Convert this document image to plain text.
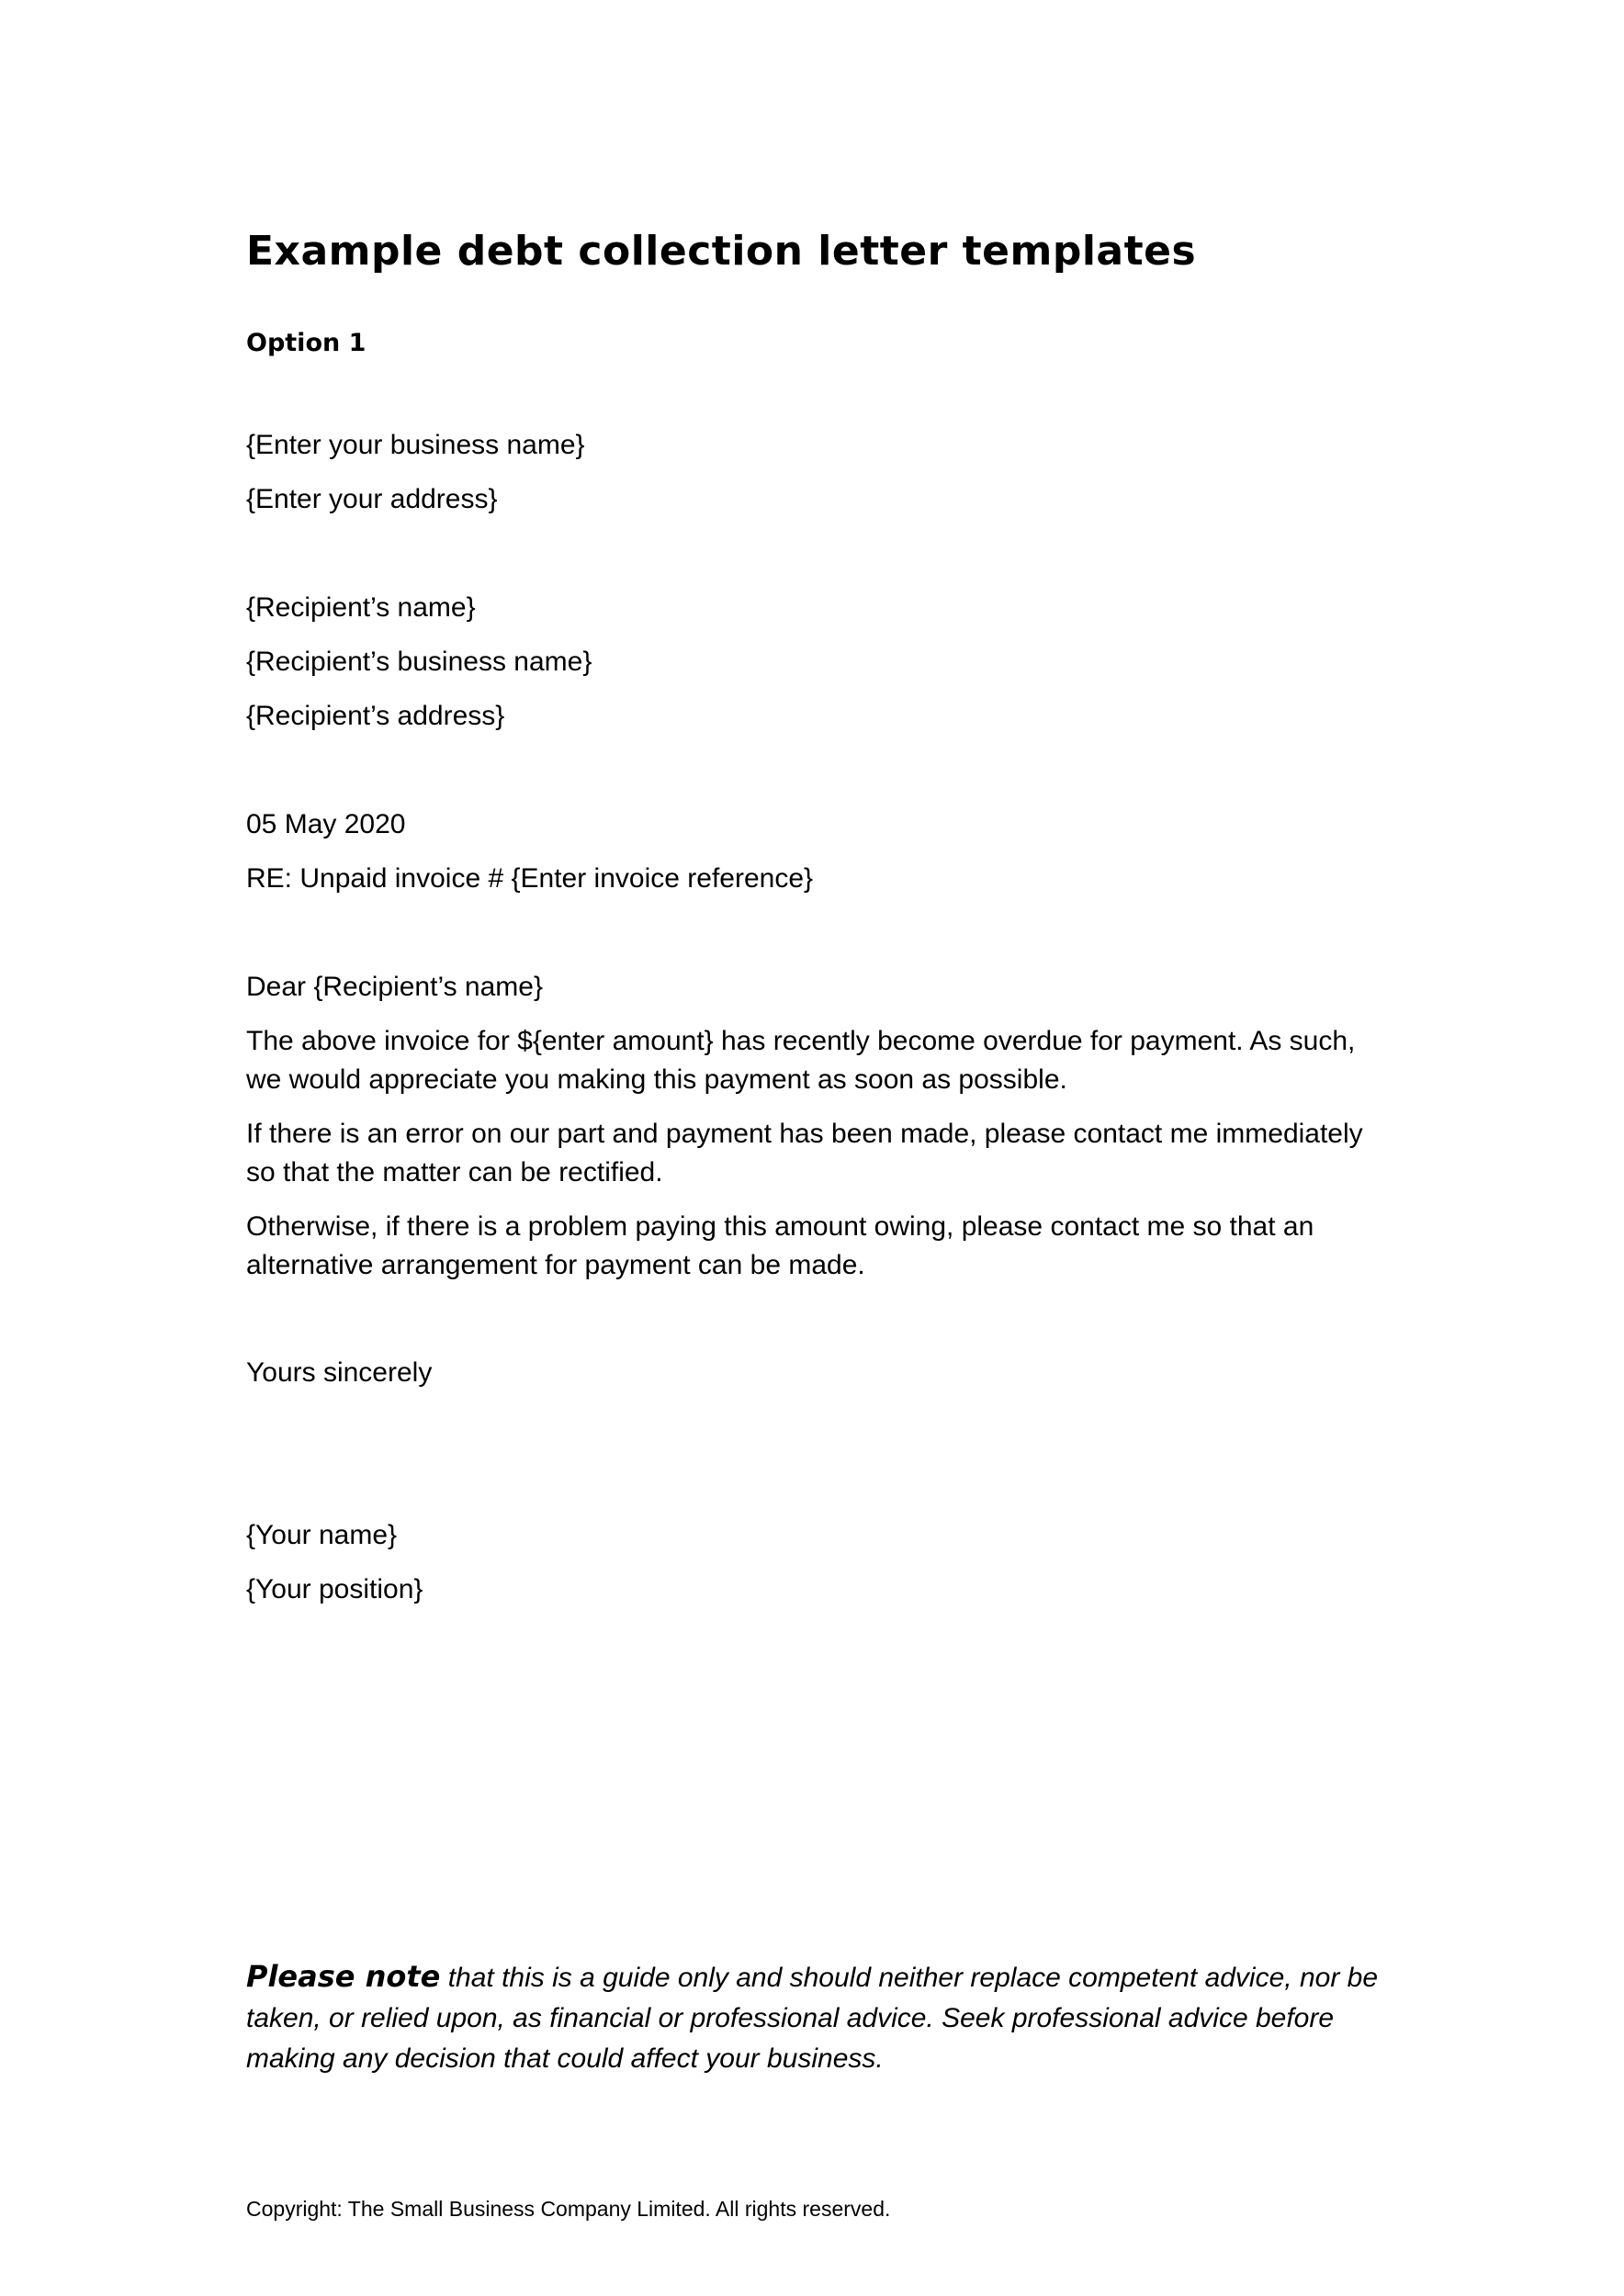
Example debt collection letter templates
Option 1
{Enter your business name}
{Enter your address}
{Recipient’s name}
{Recipient’s business name}
{Recipient’s address}
05 May 2020
RE: Unpaid invoice # {Enter invoice reference}
Dear {Recipient’s name}

The above invoice for ${enter amount} has recently become overdue for payment. As such, we would appreciate you making this payment as soon as possible.

If there is an error on our part and payment has been made, please contact me immediately so that the matter can be rectified.

Otherwise, if there is a problem paying this amount owing, please contact me so that an alternative arrangement for payment can be made.

Yours sincerely
{Your name}
{Your position}

Please note that this is a guide only and should neither replace competent advice, nor be taken, or relied upon, as financial or professional advice. Seek professional advice before making any decision that could affect your business.

Copyright: The Small Business Company Limited. All rights reserved.
